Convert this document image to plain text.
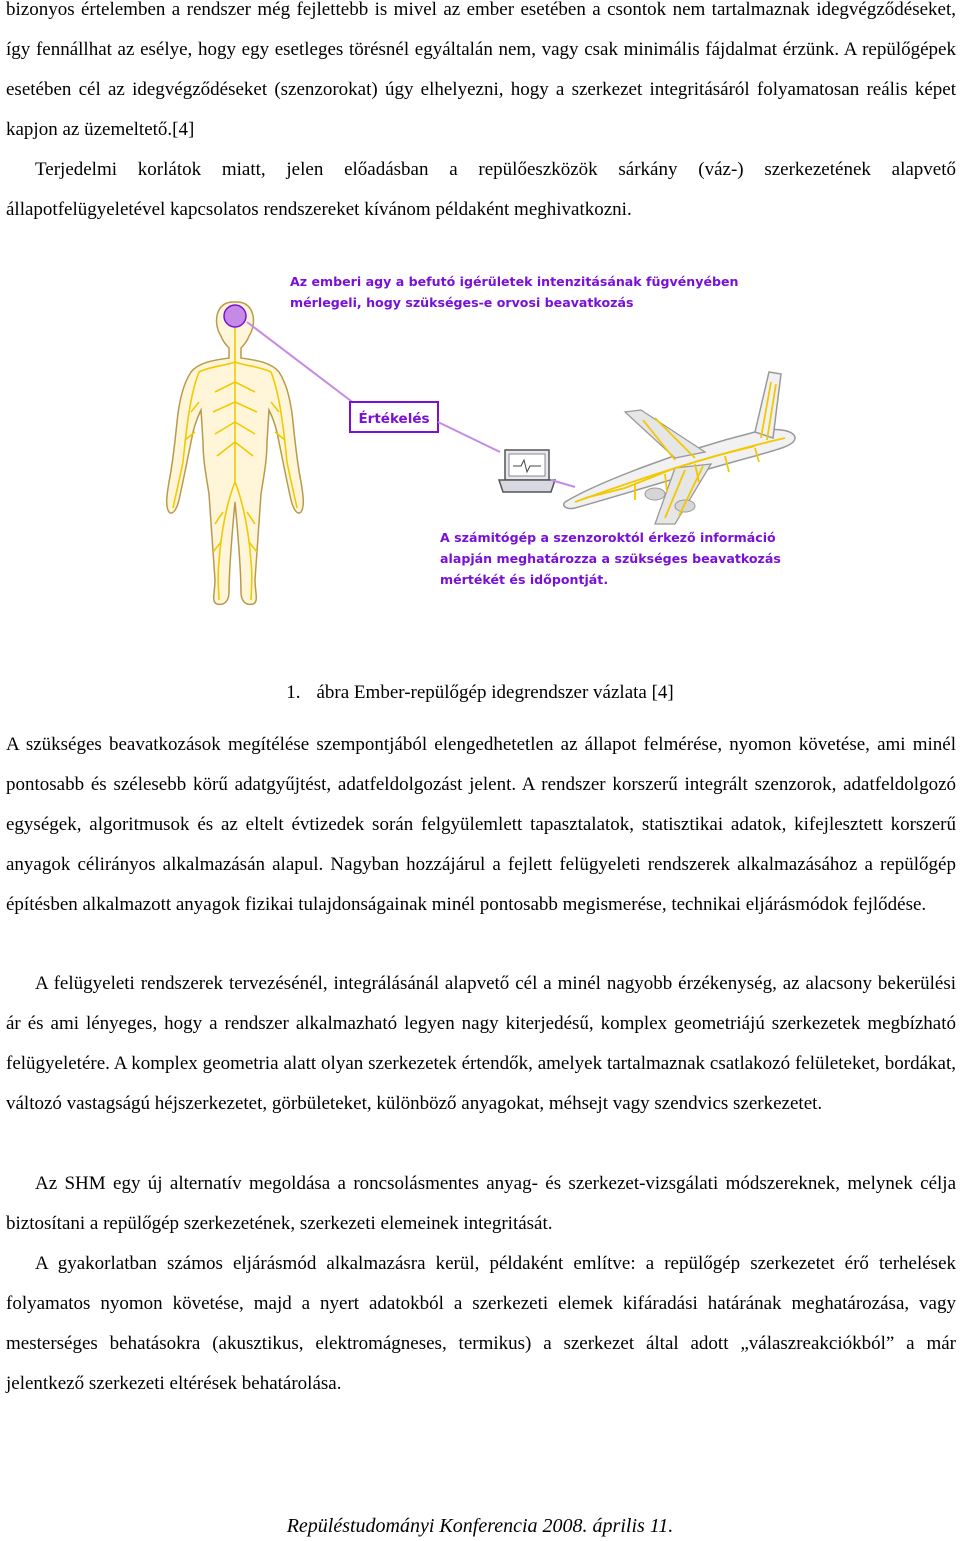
bizonyos értelemben a rendszer még fejlettebb is mivel az ember esetében a csontok nem tartalmaznak idegvégződéseket, így fennállhat az esélye, hogy egy esetleges törésnél egyáltalán nem, vagy csak minimális fájdalmat érzünk. A repülőgépek esetében cél az idegvégződéseket (szenzorokat) úgy elhelyezni, hogy a szerkezet integritásáról folyamatosan reális képet kapjon az üzemeltető.[4]

Terjedelmi korlátok miatt, jelen előadásban a repülőeszközök sárkány (váz-) szerkezetének alapvető állapotfelügyeletével kapcsolatos rendszereket kívánom példaként meghivatkozni.

Az emberi agy a befutó igérületek intenzitásának fügvényében
mérlegeli, hogy szükséges-e orvosi beavatkozás
Értékelés
A számitógép a szenzoroktól érkező információ
alapján meghatározza a szükséges beavatkozás
mértékét és időpontját.
1. ábra Ember-repülőgép idegrendszer vázlata [4]

A szükséges beavatkozások megítélése szempontjából elengedhetetlen az állapot felmérése, nyomon követése, ami minél pontosabb és szélesebb körű adatgyűjtést, adatfeldolgozást jelent. A rendszer korszerű integrált szenzorok, adatfeldolgozó egységek, algoritmusok és az eltelt évtizedek során felgyülemlett tapasztalatok, statisztikai adatok, kifejlesztett korszerű anyagok célirányos alkalmazásán alapul. Nagyban hozzájárul a fejlett felügyeleti rendszerek alkalmazásához a repülőgép építésben alkalmazott anyagok fizikai tulajdonságainak minél pontosabb megismerése, technikai eljárásmódok fejlődése.

A felügyeleti rendszerek tervezésénél, integrálásánál alapvető cél a minél nagyobb érzékenység, az alacsony bekerülési ár és ami lényeges, hogy a rendszer alkalmazható legyen nagy kiterjedésű, komplex geometriájú szerkezetek megbízható felügyeletére. A komplex geometria alatt olyan szerkezetek értendők, amelyek tartalmaznak csatlakozó felületeket, bordákat, változó vastagságú héjszerkezetet, görbületeket, különböző anyagokat, méhsejt vagy szendvics szerkezetet.

Az SHM egy új alternatív megoldása a roncsolásmentes anyag- és szerkezet-vizsgálati módszereknek, melynek célja biztosítani a repülőgép szerkezetének, szerkezeti elemeinek integritását.

A gyakorlatban számos eljárásmód alkalmazásra kerül, példaként említve: a repülőgép szerkezetet érő terhelések folyamatos nyomon követése, majd a nyert adatokból a szerkezeti elemek kifáradási határának meghatározása, vagy mesterséges behatásokra (akusztikus, elektromágneses, termikus) a szerkezet által adott „válaszreakciókból” a már jelentkező szerkezeti eltérések behatárolása.

Repüléstudományi Konferencia 2008. április 11.
